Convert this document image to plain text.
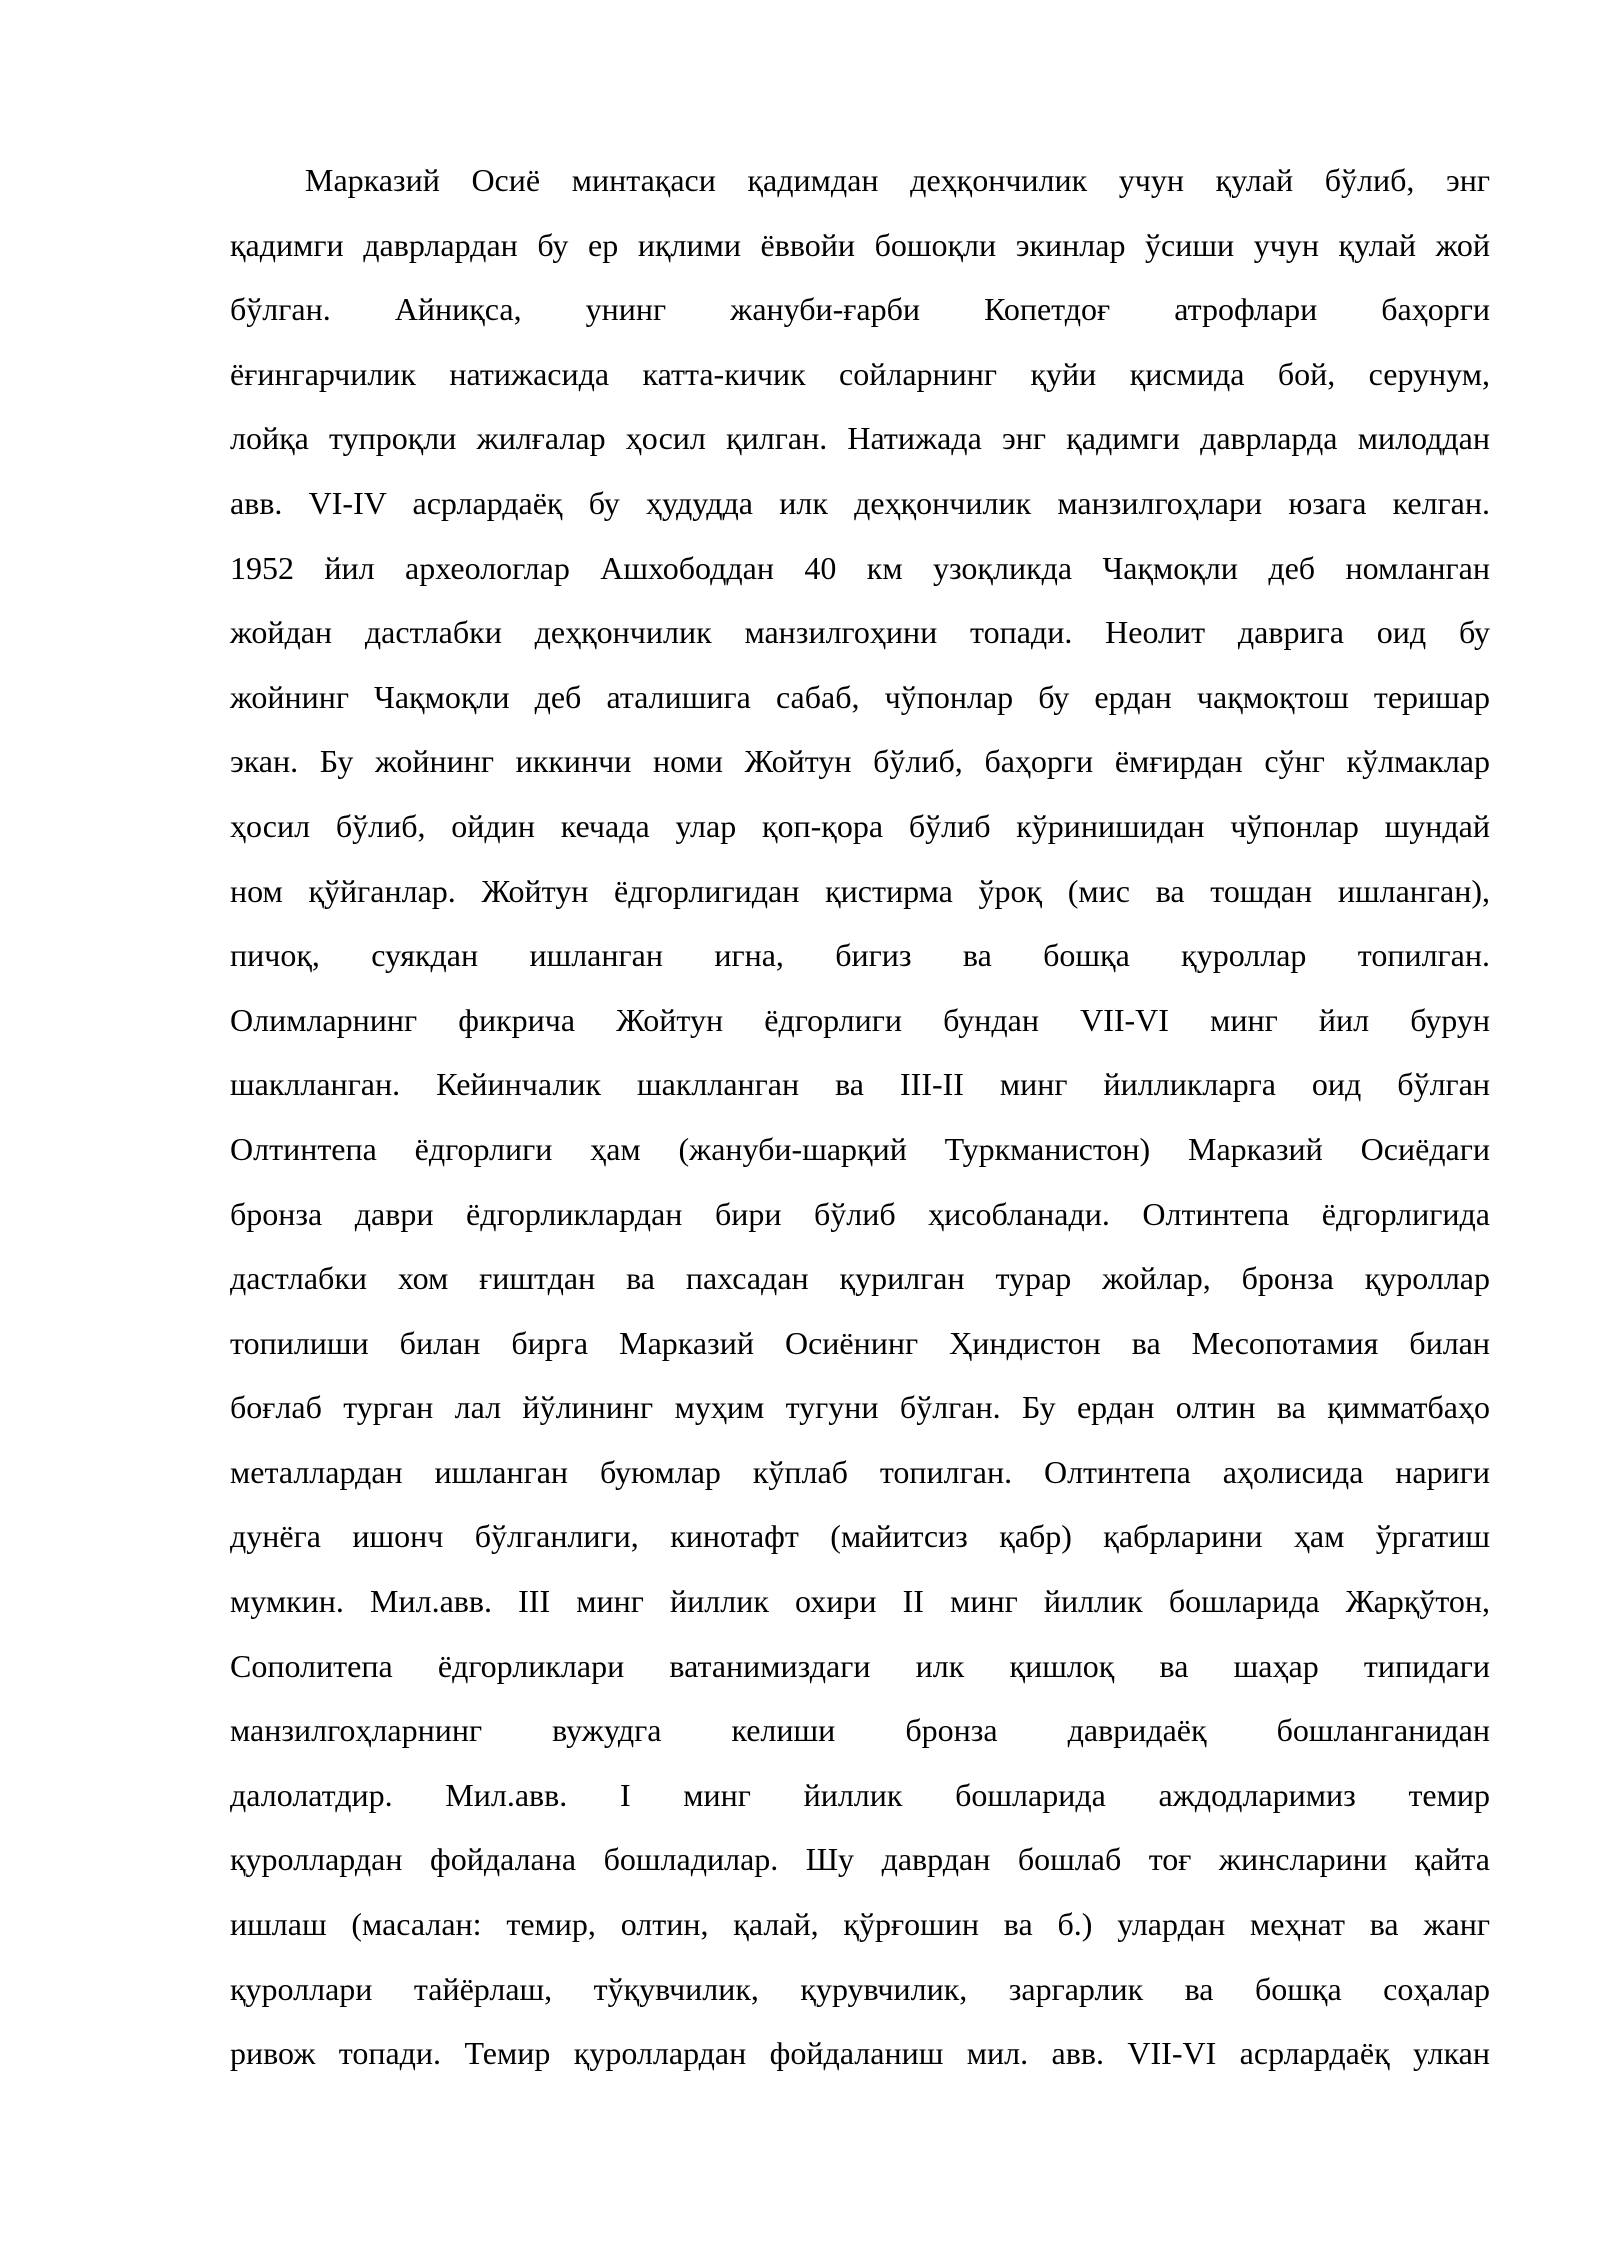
Марказий Осиё минтақаси қадимдан деҳқончилик учун қулай бўлиб, энг
қадимги даврлардан бу ер иқлими ёввойи бошоқли экинлар ўсиши учун қулай жой
бўлган. Айниқса, унинг жануби-ғарби Копетдоғ атрофлари баҳорги
ёғингарчилик натижасида катта-кичик сойларнинг қуйи қисмида бой, серунум,
лойқа тупроқли жилғалар ҳосил қилган. Натижада энг қадимги даврларда милоддан
авв. VI-IV асрлардаёқ бу ҳудудда илк деҳқончилик манзилгоҳлари юзага келган.
1952 йил археологлар Ашхободдан 40 км узоқликда Чақмоқли деб номланган
жойдан дастлабки деҳқончилик манзилгоҳини топади. Неолит даврига оид бу
жойнинг Чақмоқли деб аталишига сабаб, чўпонлар бу ердан чақмоқтош теришар
экан. Бу жойнинг иккинчи номи Жойтун бўлиб, баҳорги ёмғирдан сўнг кўлмаклар
ҳосил бўлиб, ойдин кечада улар қоп-қора бўлиб кўринишидан чўпонлар шундай
ном қўйганлар. Жойтун ёдгорлигидан қистирма ўроқ (мис ва тошдан ишланган),
пичоқ, суякдан ишланган игна, бигиз ва бошқа қуроллар топилган.
Олимларнинг фикрича Жойтун ёдгорлиги бундан VII-VI минг йил бурун
шаклланган. Кейинчалик шаклланган ва III-II минг йилликларга оид бўлган
Олтинтепа ёдгорлиги ҳам (жануби-шарқий Туркманистон) Марказий Осиёдаги
бронза даври ёдгорликлардан бири бўлиб ҳисобланади. Олтинтепа ёдгорлигида
дастлабки хом ғиштдан ва пахсадан қурилган турар жойлар, бронза қуроллар
топилиши билан бирга Марказий Осиёнинг Ҳиндистон ва Месопотамия билан
боғлаб турган лал йўлининг муҳим тугуни бўлган. Бу ердан олтин ва қимматбаҳо
металлардан ишланган буюмлар кўплаб топилган. Олтинтепа аҳолисида нариги
дунёга ишонч бўлганлиги, кинотафт (майитсиз қабр) қабрларини ҳам ўргатиш
мумкин. Мил.авв. III минг йиллик охири II минг йиллик бошларида Жарқўтон,
Сополитепа ёдгорликлари ватанимиздаги илк қишлоқ ва шаҳар типидаги
манзилгоҳларнинг вужудга келиши бронза давридаёқ бошланганидан
далолатдир. Мил.авв. I минг йиллик бошларида аждодларимиз темир
қуроллардан фойдалана бошладилар. Шу даврдан бошлаб тоғ жинсларини қайта
ишлаш (масалан: темир, олтин, қалай, қўрғошин ва б.) улардан меҳнат ва жанг
қуроллари тайёрлаш, тўқувчилик, қурувчилик, заргарлик ва бошқа соҳалар
ривож топади. Темир қуроллардан фойдаланиш мил. авв. VII-VI асрлардаёқ улкан
